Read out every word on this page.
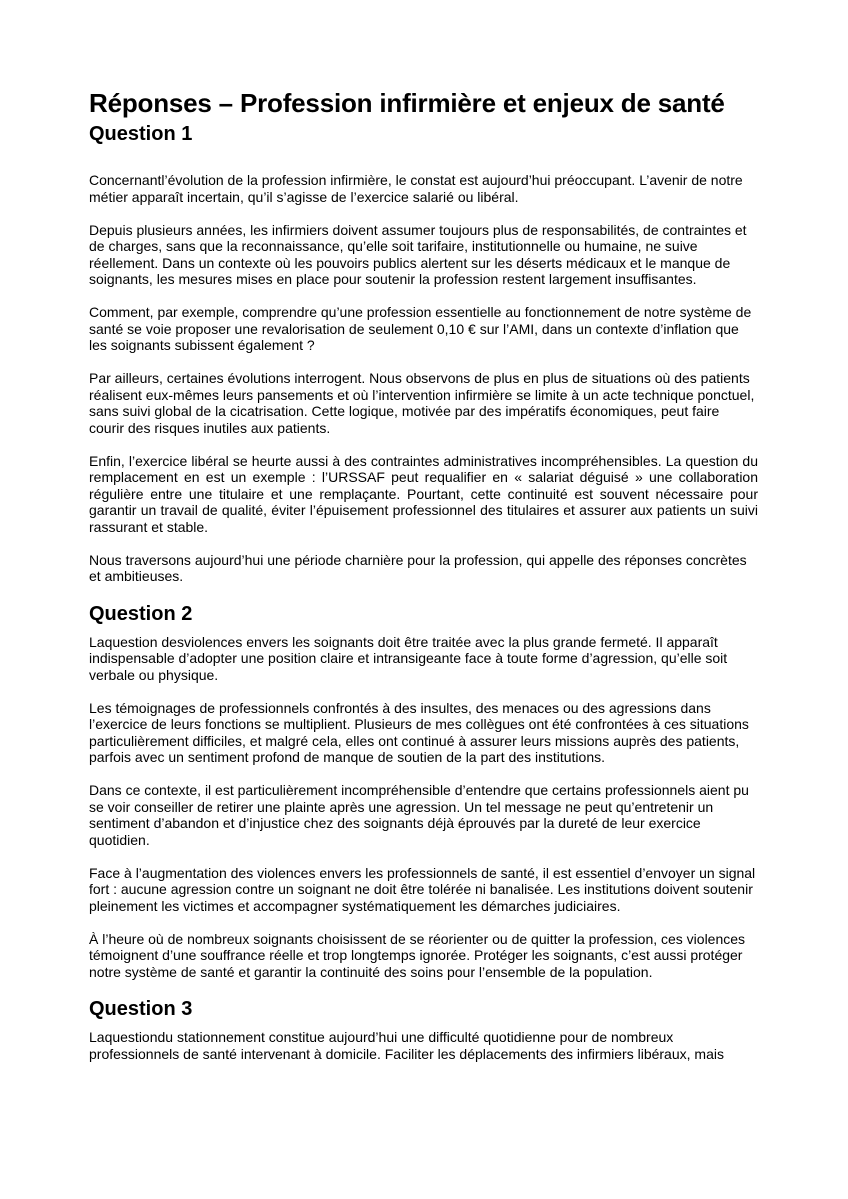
Réponses – Profession infirmière et enjeux de santé
Question 1

Concernantl’évolution de la profession infirmière, le constat est aujourd’hui préoccupant. L’avenir de notre métier apparaît incertain, qu’il s’agisse de l’exercice salarié ou libéral.

Depuis plusieurs années, les infirmiers doivent assumer toujours plus de responsabilités, de contraintes et de charges, sans que la reconnaissance, qu’elle soit tarifaire, institutionnelle ou humaine, ne suive réellement. Dans un contexte où les pouvoirs publics alertent sur les déserts médicaux et le manque de soignants, les mesures mises en place pour soutenir la profession restent largement insuffisantes.

Comment, par exemple, comprendre qu’une profession essentielle au fonctionnement de notre système de santé se voie proposer une revalorisation de seulement 0,10 € sur l’AMI, dans un contexte d’inflation que les soignants subissent également ?

Par ailleurs, certaines évolutions interrogent. Nous observons de plus en plus de situations où des patients réalisent eux-mêmes leurs pansements et où l’intervention infirmière se limite à un acte technique ponctuel, sans suivi global de la cicatrisation. Cette logique, motivée par des impératifs économiques, peut faire courir des risques inutiles aux patients.

Enfin, l’exercice libéral se heurte aussi à des contraintes administratives incompréhensibles. La question du remplacement en est un exemple : l’URSSAF peut requalifier en « salariat déguisé » une collaboration régulière entre une titulaire et une remplaçante. Pourtant, cette continuité est souvent nécessaire pour garantir un travail de qualité, éviter l’épuisement professionnel des titulaires et assurer aux patients un suivi rassurant et stable.

Nous traversons aujourd’hui une période charnière pour la profession, qui appelle des réponses concrètes et ambitieuses.

Question 2

Laquestion desviolences envers les soignants doit être traitée avec la plus grande fermeté. Il apparaît indispensable d’adopter une position claire et intransigeante face à toute forme d’agression, qu’elle soit verbale ou physique.

Les témoignages de professionnels confrontés à des insultes, des menaces ou des agressions dans l’exercice de leurs fonctions se multiplient. Plusieurs de mes collègues ont été confrontées à ces situations particulièrement difficiles, et malgré cela, elles ont continué à assurer leurs missions auprès des patients, parfois avec un sentiment profond de manque de soutien de la part des institutions.

Dans ce contexte, il est particulièrement incompréhensible d’entendre que certains professionnels aient pu se voir conseiller de retirer une plainte après une agression. Un tel message ne peut qu’entretenir un sentiment d’abandon et d’injustice chez des soignants déjà éprouvés par la dureté de leur exercice quotidien.

Face à l’augmentation des violences envers les professionnels de santé, il est essentiel d’envoyer un signal fort : aucune agression contre un soignant ne doit être tolérée ni banalisée. Les institutions doivent soutenir pleinement les victimes et accompagner systématiquement les démarches judiciaires.

À l’heure où de nombreux soignants choisissent de se réorienter ou de quitter la profession, ces violences témoignent d’une souffrance réelle et trop longtemps ignorée. Protéger les soignants, c’est aussi protéger notre système de santé et garantir la continuité des soins pour l’ensemble de la population.

Question 3

Laquestiondu stationnement constitue aujourd’hui une difficulté quotidienne pour de nombreux professionnels de santé intervenant à domicile. Faciliter les déplacements des infirmiers libéraux, mais
